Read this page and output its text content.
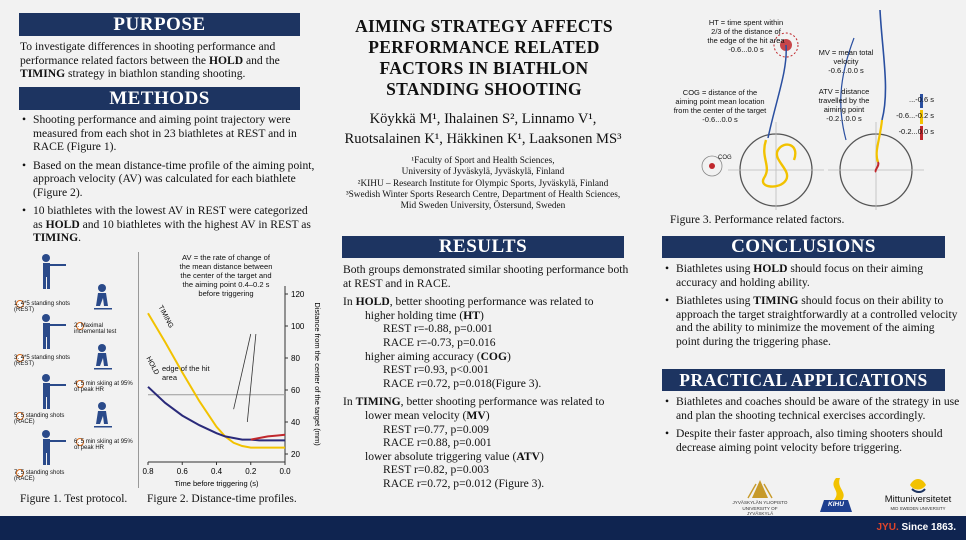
PURPOSE
To investigate differences in shooting performance and performance related factors between the HOLD and the TIMING strategy in biathlon standing shooting.
METHODS
• Shooting performance and aiming point trajectory were measured from each shot in 23 biathletes at REST and in RACE (Figure 1).
• Based on the mean distance-time profile of the aiming point, approach velocity (AV) was calculated for each biathlete (Figure 2).
• 10 biathletes with the lowest AV in REST were categorized as HOLD and 10 biathletes with the highest AV in REST as TIMING.
1. 4*5 standing shots (REST)
2. Maximal incremental test
3. 4*5 standing shots (REST)
4. 5 min skiing at 95% of peak HR
5. 5 standing shots (RACE)
6. 5 min skiing at 95% of peak HR
7. 5 standing shots (RACE)
Figure 1. Test protocol.
0.8	0.6	0.4	0.2	0.0
20
40
60
80
100
120
Time before triggering (s)
Distance from the center of the target (mm)
TIMING
HOLD
AV = the rate of change of the mean distance between the center of the target and the aiming point 0.4–0.2 s before triggering
edge of the hit area
Figure 2. Distance-time profiles.
AIMING STRATEGY AFFECTS
PERFORMANCE RELATED
FACTORS IN BIATHLON
STANDING SHOOTING
Köykkä M¹, Ihalainen S², Linnamo V¹,
Ruotsalainen K¹, Häkkinen K¹, Laaksonen MS³
¹Faculty of Sport and Health Sciences,
University of Jyväskylä, Jyväskylä, Finland
²KIHU – Research Institute for Olympic Sports, Jyväskylä, Finland
³Swedish Winter Sports Research Centre, Department of Health Sciences,
Mid Sweden University, Östersund, Sweden
RESULTS
Both groups demonstrated similar shooting performance both at REST and in RACE.
In HOLD, better shooting performance was related to
higher holding time (HT)
REST r=-0.88, p=0.001
RACE r=-0.73, p=0.016
higher aiming accuracy (COG)
REST r=0.93, p<0.001
RACE r=0.72, p=0.018(Figure 3).
In TIMING, better shooting performance was related to
lower mean velocity (MV)
REST r=0.77, p=0.009
RACE r=0.88, p=0.001
lower absolute triggering value (ATV)
REST r=0.82, p=0.003
RACE r=0.72, p=0.012 (Figure 3).
HT = time spent within 2/3 of the distance of the edge of the hit area
-0.6...0.0 s
COG = distance of the aiming point mean location from the center of the target
-0.6...0.0 s
COG
MV = mean total velocity
-0.6...0.0 s
ATV = distance travelled by the aiming point
-0.2...0.0 s
...-0.6 s
-0.6...-0.2 s
-0.2...0.0 s
Figure 3. Performance related factors.
CONCLUSIONS
• Biathletes using HOLD should focus on their aiming accuracy and holding ability.
• Biathletes using TIMING should focus on their ability to approach the target straightforwardly at a controlled velocity and the ability to minimize the movement of the aiming point during the triggering phase.
PRACTICAL APPLICATIONS
• Biathletes and coaches should be aware of the strategy in use and plan the shooting technical exercises accordingly.
• Despite their faster approach, also timing shooters should decrease aiming point velocity before triggering.
JYVÄSKYLÄN YLIOPISTO UNIVERSITY OF JYVÄSKYLÄ
KIHU	Mittuniversitetet
MID SWEDEN UNIVERSITY
JYU. Since 1863.
